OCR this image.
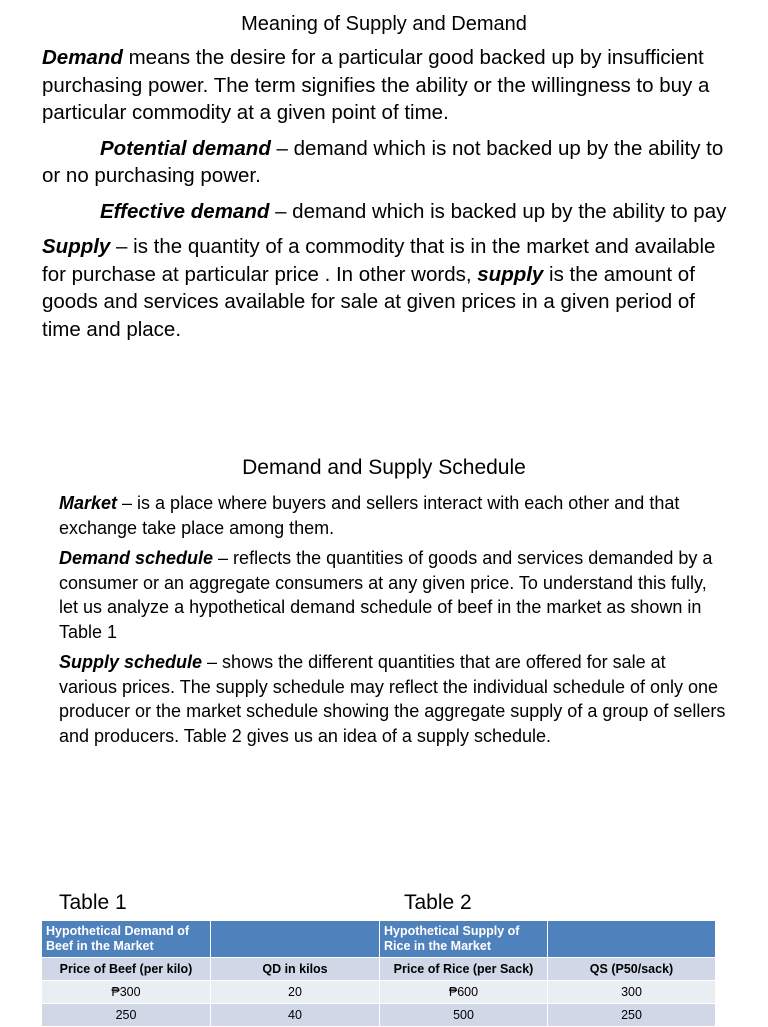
Meaning of Supply and Demand

Demand means the desire for a particular good backed up by insufficient purchasing power. The term signifies the ability or the willingness to buy a particular commodity at a given point of time.

Potential demand – demand which is not backed up by the ability to or no purchasing power.

Effective demand – demand which is backed up by the ability to pay

Supply – is the quantity of a commodity that is in the market and available for purchase at particular price . In other words, supply is the amount of goods and services available for sale at given prices in a given period of time and place.

Demand and Supply Schedule

Market – is a place where buyers and sellers interact with each other and that exchange take place among them.

Demand schedule – reflects the quantities of goods and services demanded by a consumer or an aggregate consumers at any given price. To understand this fully, let us analyze a hypothetical demand schedule of beef in the market as shown in Table 1

Supply schedule – shows the different quantities that are offered for sale at various prices. The supply schedule may reflect the individual schedule of only one producer or the market schedule showing the aggregate supply of a group of sellers and producers. Table 2 gives us an idea of a supply schedule.

Table 1	Table 2
Hypothetical Demand of Beef in the Market		Hypothetical Supply of Rice in the Market	
Price of Beef (per kilo)	QD in kilos	Price of Rice (per Sack)	QS (P50/sack)
₱300	20	₱600	300
250	40	500	250
